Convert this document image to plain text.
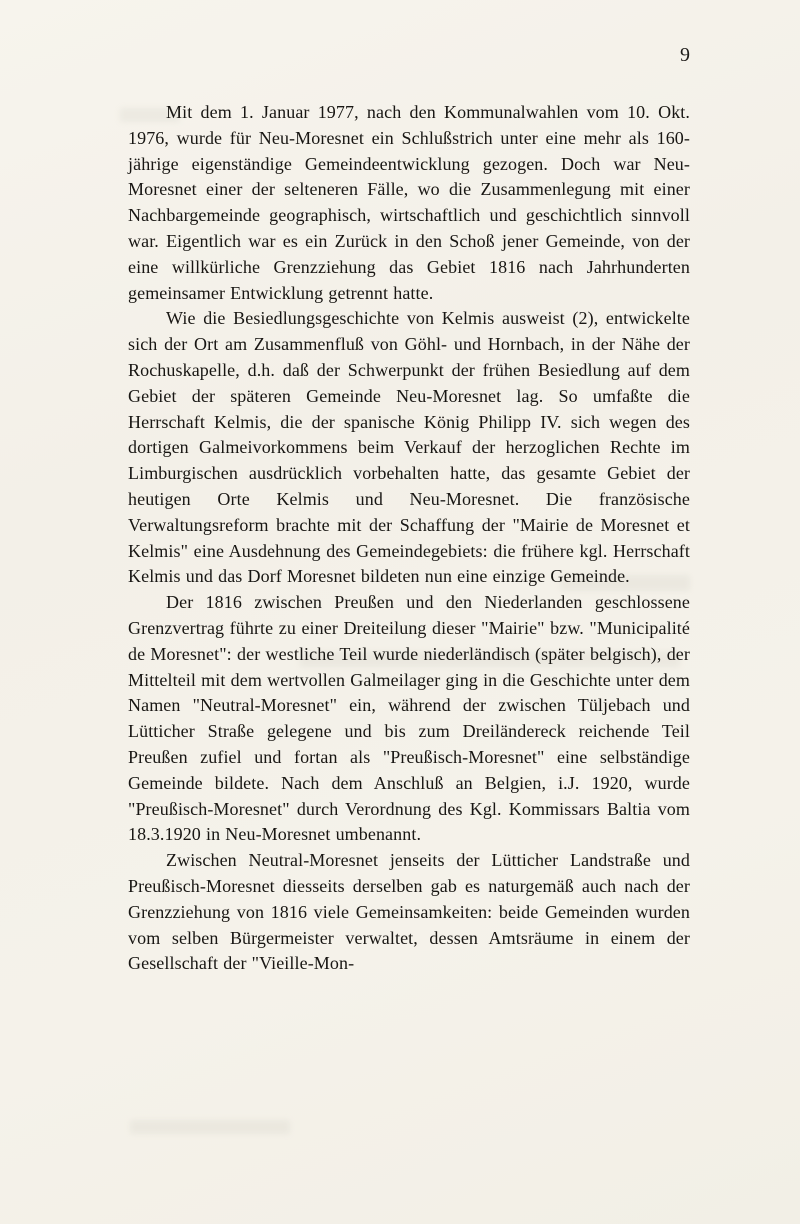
9

Mit dem 1. Januar 1977, nach den Kommunalwahlen vom 10. Okt. 1976, wurde für Neu-Moresnet ein Schlußstrich unter eine mehr als 160-jährige eigenständige Gemeindeentwicklung gezogen. Doch war Neu-Moresnet einer der selteneren Fälle, wo die Zusammenlegung mit einer Nachbargemeinde geographisch, wirtschaftlich und geschichtlich sinnvoll war. Eigentlich war es ein Zurück in den Schoß jener Gemeinde, von der eine willkürliche Grenzziehung das Gebiet 1816 nach Jahrhunderten gemeinsamer Entwicklung getrennt hatte.

Wie die Besiedlungsgeschichte von Kelmis ausweist (2), entwickelte sich der Ort am Zusammenfluß von Göhl- und Hornbach, in der Nähe der Rochuskapelle, d.h. daß der Schwerpunkt der frühen Besiedlung auf dem Gebiet der späteren Gemeinde Neu-Moresnet lag. So umfaßte die Herrschaft Kelmis, die der spanische König Philipp IV. sich wegen des dortigen Galmeivorkommens beim Verkauf der herzoglichen Rechte im Limburgischen ausdrücklich vorbehalten hatte, das gesamte Gebiet der heutigen Orte Kelmis und Neu-Moresnet. Die französische Verwaltungsreform brachte mit der Schaffung der "Mairie de Moresnet et Kelmis" eine Ausdehnung des Gemeindegebiets: die frühere kgl. Herrschaft Kelmis und das Dorf Moresnet bildeten nun eine einzige Gemeinde.

Der 1816 zwischen Preußen und den Niederlanden geschlossene Grenzvertrag führte zu einer Dreiteilung dieser "Mairie" bzw. "Municipalité de Moresnet": der westliche Teil wurde niederländisch (später belgisch), der Mittelteil mit dem wertvollen Galmeilager ging in die Geschichte unter dem Namen "Neutral-Moresnet" ein, während der zwischen Tüljebach und Lütticher Straße gelegene und bis zum Dreiländereck reichende Teil Preußen zufiel und fortan als "Preußisch-Moresnet" eine selbständige Gemeinde bildete. Nach dem Anschluß an Belgien, i.J. 1920, wurde "Preußisch-Moresnet" durch Verordnung des Kgl. Kommissars Baltia vom 18.3.1920 in Neu-Moresnet umbenannt.

Zwischen Neutral-Moresnet jenseits der Lütticher Landstraße und Preußisch-Moresnet diesseits derselben gab es naturgemäß auch nach der Grenzziehung von 1816 viele Gemeinsamkeiten: beide Gemeinden wurden vom selben Bürgermeister verwaltet, dessen Amtsräume in einem der Gesellschaft der "Vieille-Mon-
